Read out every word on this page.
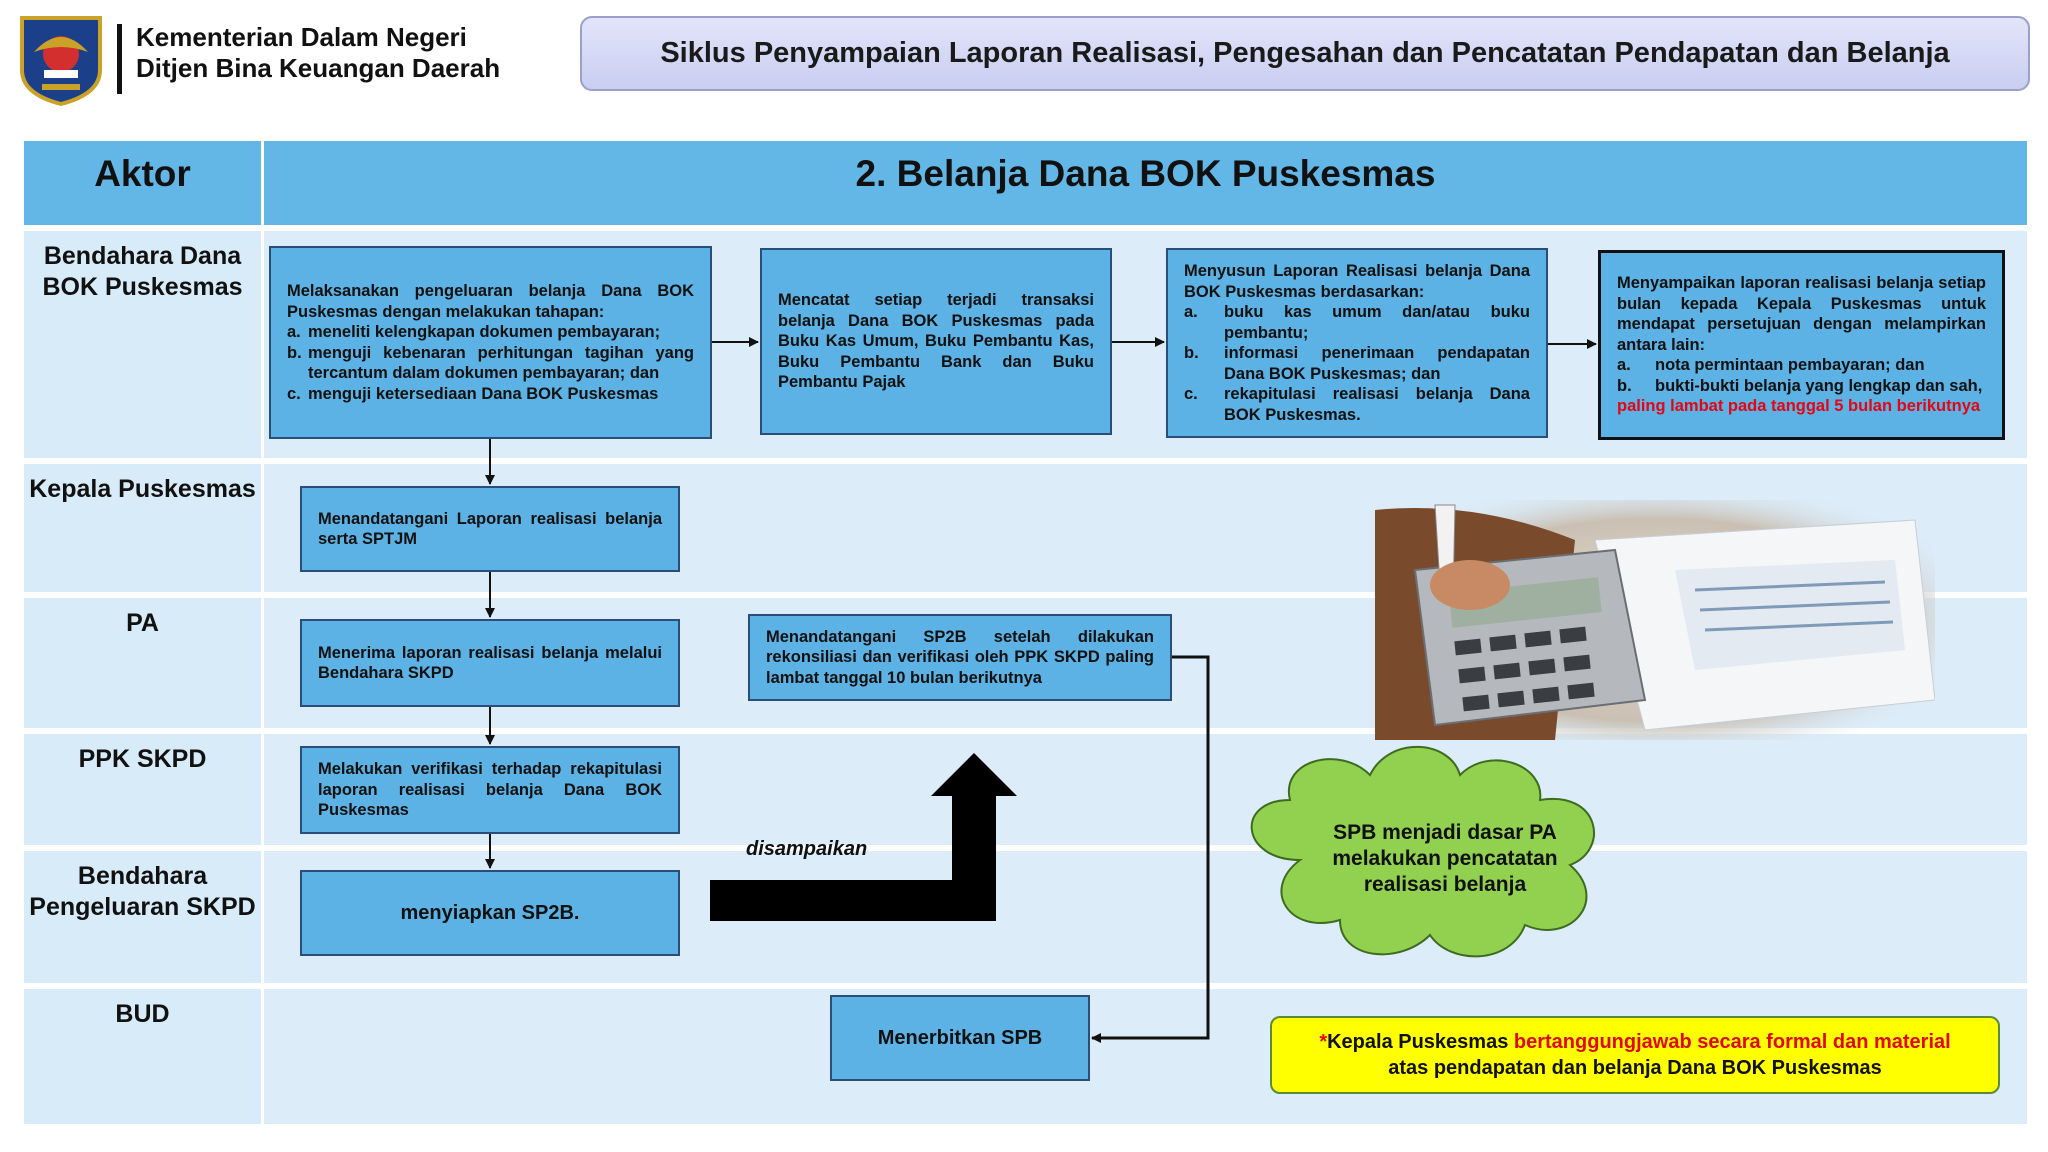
Kementerian Dalam Negeri
Ditjen Bina Keuangan Daerah	Siklus Penyampaian Laporan Realisasi, Pengesahan dan Pencatatan Pendapatan dan Belanja
Aktor	2. Belanja Dana BOK Puskesmas
Bendahara Dana BOK Puskesmas
Kepala Puskesmas
PA
PPK SKPD
Bendahara Pengeluaran SKPD
BUD
Melaksanakan pengeluaran belanja Dana BOK Puskesmas dengan melakukan tahapan:
a. meneliti kelengkapan dokumen pembayaran;
b. menguji kebenaran perhitungan tagihan yang tercantum dalam dokumen pembayaran; dan
c. menguji ketersediaan Dana BOK Puskesmas
Mencatat setiap terjadi transaksi belanja Dana BOK Puskesmas pada Buku Kas Umum, Buku Pembantu Kas, Buku Pembantu Bank dan Buku Pembantu Pajak
Menyusun Laporan Realisasi belanja Dana BOK Puskesmas berdasarkan:
a.	buku kas umum dan/atau buku pembantu;
b.	informasi penerimaan pendapatan Dana BOK Puskesmas; dan
c.	rekapitulasi realisasi belanja Dana BOK Puskesmas.
Menyampaikan laporan realisasi belanja setiap bulan kepada Kepala Puskesmas untuk mendapat persetujuan dengan melampirkan antara lain:
a.	nota permintaan pembayaran; dan
b.	bukti-bukti belanja yang lengkap dan sah,
paling lambat pada tanggal 5 bulan berikutnya
Menandatangani Laporan realisasi belanja serta SPTJM
Menerima laporan realisasi belanja melalui Bendahara SKPD
Menandatangani SP2B setelah dilakukan rekonsiliasi dan verifikasi oleh PPK SKPD paling lambat tanggal 10 bulan berikutnya
Melakukan verifikasi terhadap rekapitulasi laporan realisasi belanja Dana BOK Puskesmas
menyiapkan SP2B.
Menerbitkan SPB
disampaikan
SPB menjadi dasar PA melakukan pencatatan realisasi belanja
*Kepala Puskesmas bertanggungjawab secara formal dan material
atas pendapatan dan belanja Dana BOK Puskesmas
